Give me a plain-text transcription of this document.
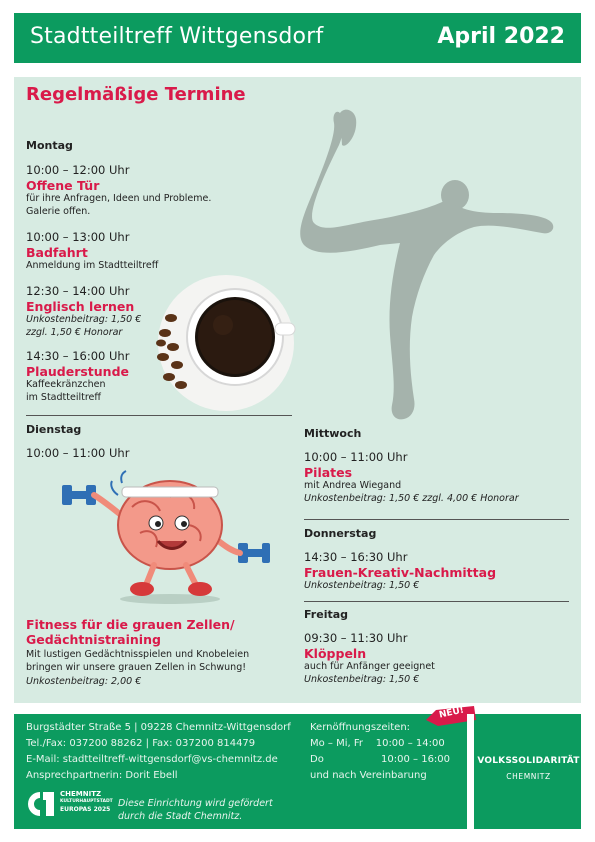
Stadtteiltreff Wittgensdorf	April 2022
Regelmäßige Termine
Montag
10:00 – 12:00 Uhr
Offene Tür
für ihre Anfragen, Ideen und Probleme.
Galerie offen.
10:00 – 13:00 Uhr
Badfahrt
Anmeldung im Stadtteiltreff
12:30 – 14:00 Uhr
Englisch lernen
Unkostenbeitrag: 1,50 €
zzgl. 1,50 € Honorar
14:30 – 16:00 Uhr
Plauderstunde
Kaffeekränzchen
im Stadtteiltreff
Dienstag
10:00 – 11:00 Uhr
Fitness für die grauen Zellen/
Gedächtnistraining
Mit lustigen Gedächtnisspielen und Knobeleien
bringen wir unsere grauen Zellen in Schwung!
Unkostenbeitrag: 2,00 €
Mittwoch
10:00 – 11:00 Uhr
Pilates
mit Andrea Wiegand
Unkostenbeitrag: 1,50 € zzgl. 4,00 € Honorar
Donnerstag
14:30 – 16:30 Uhr
Frauen-Kreativ-Nachmittag
Unkostenbeitrag: 1,50 €
Freitag
09:30 – 11:30 Uhr
Klöppeln
auch für Anfänger geeignet
Unkostenbeitrag: 1,50 €
Burgstädter Straße 5 | 09228 Chemnitz-Wittgensdorf
Tel./Fax: 037200 88262 | Fax: 037200 814479
E-Mail: stadtteiltreff-wittgensdorf@vs-chemnitz.de
Ansprechpartnerin: Dorit Ebell
Kernöffnungszeiten:
Mo – Mi, Fr    10:00 – 14:00
Do                  10:00 – 16:00
und nach Vereinbarung
NEU!
CHEMNITZ
KULTURHAUPTSTADT
EUROPAS 2025
Diese Einrichtung wird gefördert
durch die Stadt Chemnitz.
VOLKSSOLIDARITÄT
CHEMNITZ
